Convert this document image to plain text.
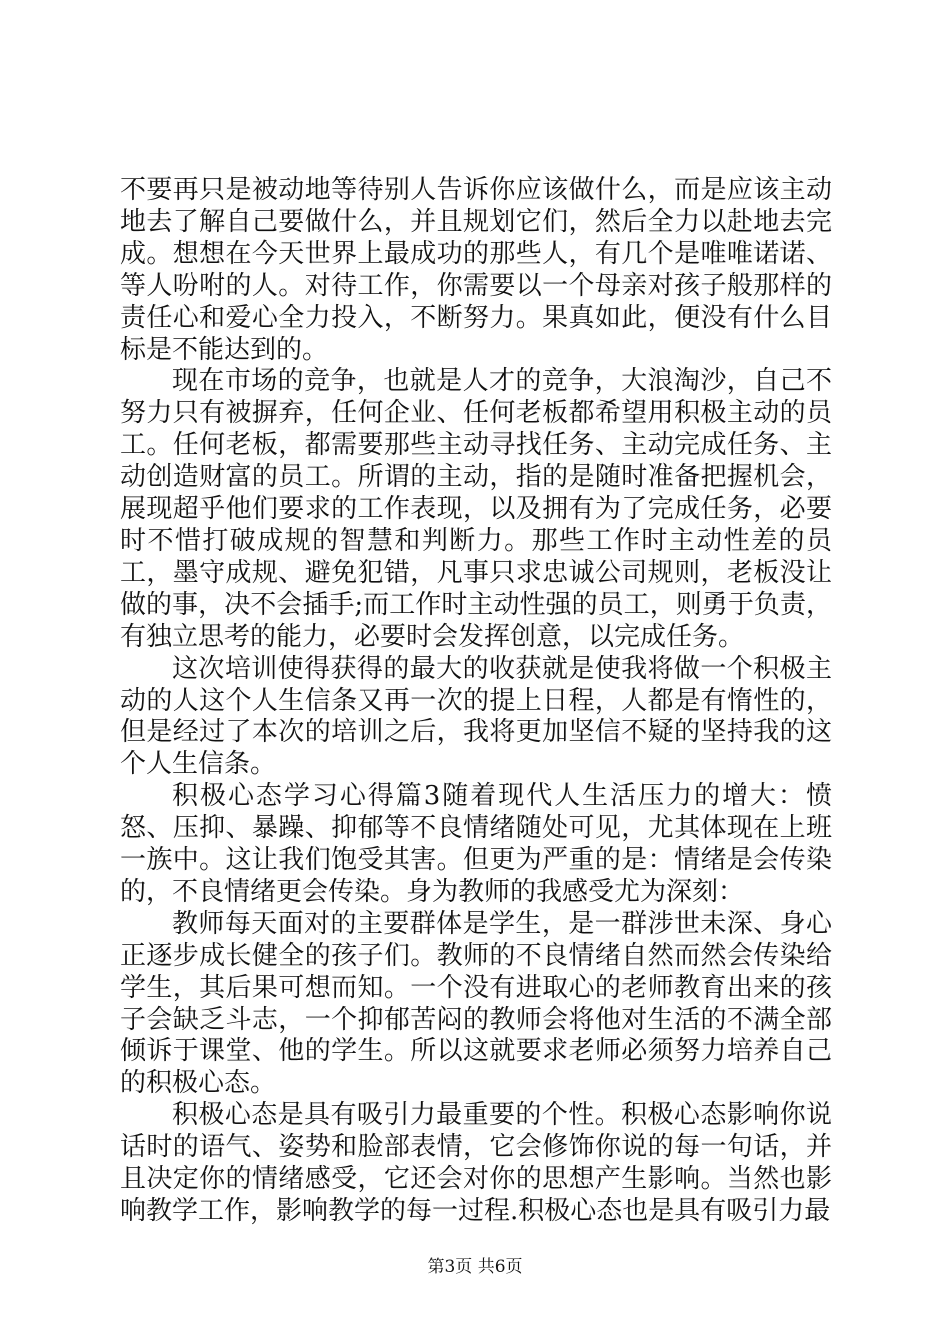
不要再只是被动地等待别人告诉你应该做什么，而是应该主动地去了解自己要做什么，并且规划它们，然后全力以赴地去完成。想想在今天世界上最成功的那些人，有几个是唯唯诺诺、等人吩咐的人。对待工作，你需要以一个母亲对孩子般那样的责任心和爱心全力投入，不断努力。果真如此，便没有什么目标是不能达到的。

现在市场的竞争，也就是人才的竞争，大浪淘沙，自己不努力只有被摒弃，任何企业、任何老板都希望用积极主动的员工。任何老板，都需要那些主动寻找任务、主动完成任务、主动创造财富的员工。所谓的主动，指的是随时准备把握机会，展现超乎他们要求的工作表现，以及拥有为了完成任务，必要时不惜打破成规的智慧和判断力。那些工作时主动性差的员工，墨守成规、避免犯错，凡事只求忠诚公司规则，老板没让做的事，决不会插手;而工作时主动性强的员工，则勇于负责，有独立思考的能力，必要时会发挥创意，以完成任务。

这次培训使得获得的最大的收获就是使我将做一个积极主动的人这个人生信条又再一次的提上日程，人都是有惰性的，但是经过了本次的培训之后，我将更加坚信不疑的坚持我的这个人生信条。

积极心态学习心得篇3随着现代人生活压力的增大：愤怒、压抑、暴躁、抑郁等不良情绪随处可见，尤其体现在上班一族中。这让我们饱受其害。但更为严重的是：情绪是会传染的，不良情绪更会传染。身为教师的我感受尤为深刻：

教师每天面对的主要群体是学生，是一群涉世未深、身心正逐步成长健全的孩子们。教师的不良情绪自然而然会传染给学生，其后果可想而知。一个没有进取心的老师教育出来的孩子会缺乏斗志，一个抑郁苦闷的教师会将他对生活的不满全部倾诉于课堂、他的学生。所以这就要求老师必须努力培养自己的积极心态。

积极心态是具有吸引力最重要的个性。积极心态影响你说话时的语气、姿势和脸部表情，它会修饰你说的每一句话，并且决定你的情绪感受，它还会对你的思想产生影响。当然也影响教学工作，影响教学的每一过程.积极心态也是具有吸引力最

第3页 共6页
